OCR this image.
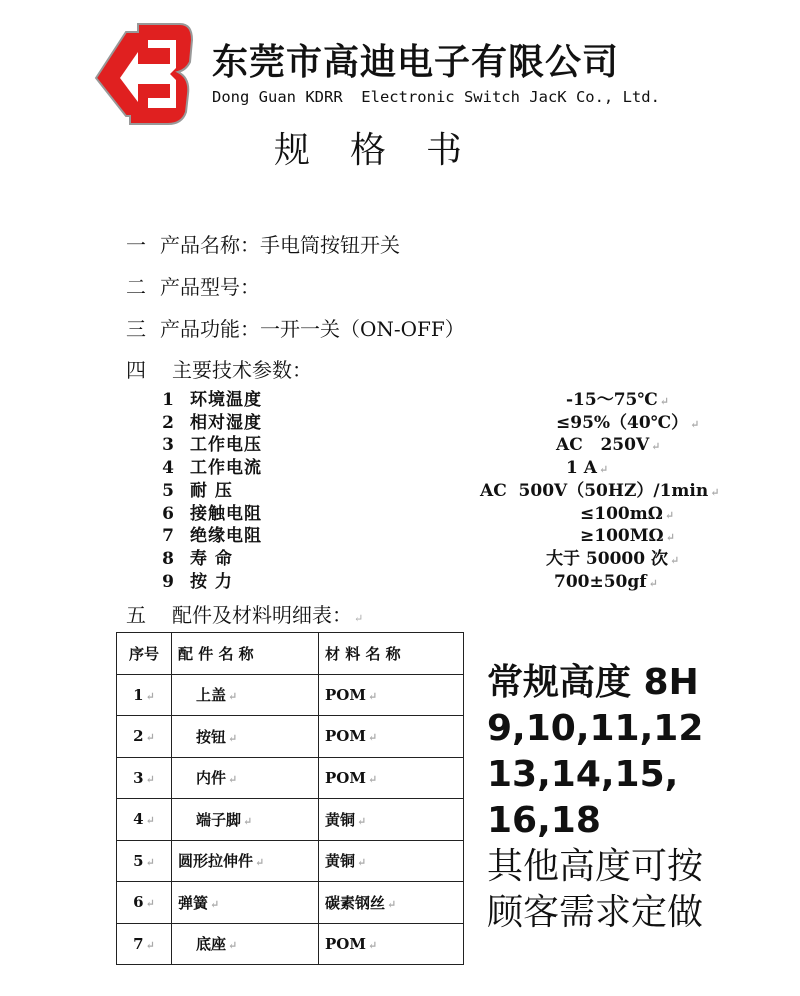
东莞市高迪电子有限公司
Dong Guan KDRR  Electronic Switch JacK Co., Ltd.
规格书
一 产品名称：手电筒按钮开关
二 产品型号：
三 产品功能：一开一关（ON-OFF）
四 主要技术参数：
1 环境温度	-15～75℃ ↵
2 相对湿度	≤95%（40℃） ↵
3 工作电压	AC   250V ↵
4 工作电流	1 A ↵
5 耐 压	AC  500V（50HZ）/1min ↵
6 接触电阻	≤100mΩ ↵
7 绝缘电阻	≥100MΩ ↵
8 寿 命	大于 50000 次 ↵
9 按 力	700±50gf ↵
五 配件及材料明细表： ↵
序号	配 件 名 称	材 料 名 称
1 ↵	上盖 ↵	POM ↵
2 ↵	按钮 ↵	POM ↵
3 ↵	内件 ↵	POM ↵
4 ↵	端子脚 ↵	黄铜 ↵
5 ↵	圆形拉伸件 ↵	黄铜 ↵
6 ↵	弹簧 ↵	碳素钢丝 ↵
7 ↵	底座 ↵	POM ↵
常规高度 8H
9,10,11,12
13,14,15,
16,18
其他高度可按
顾客需求定做
